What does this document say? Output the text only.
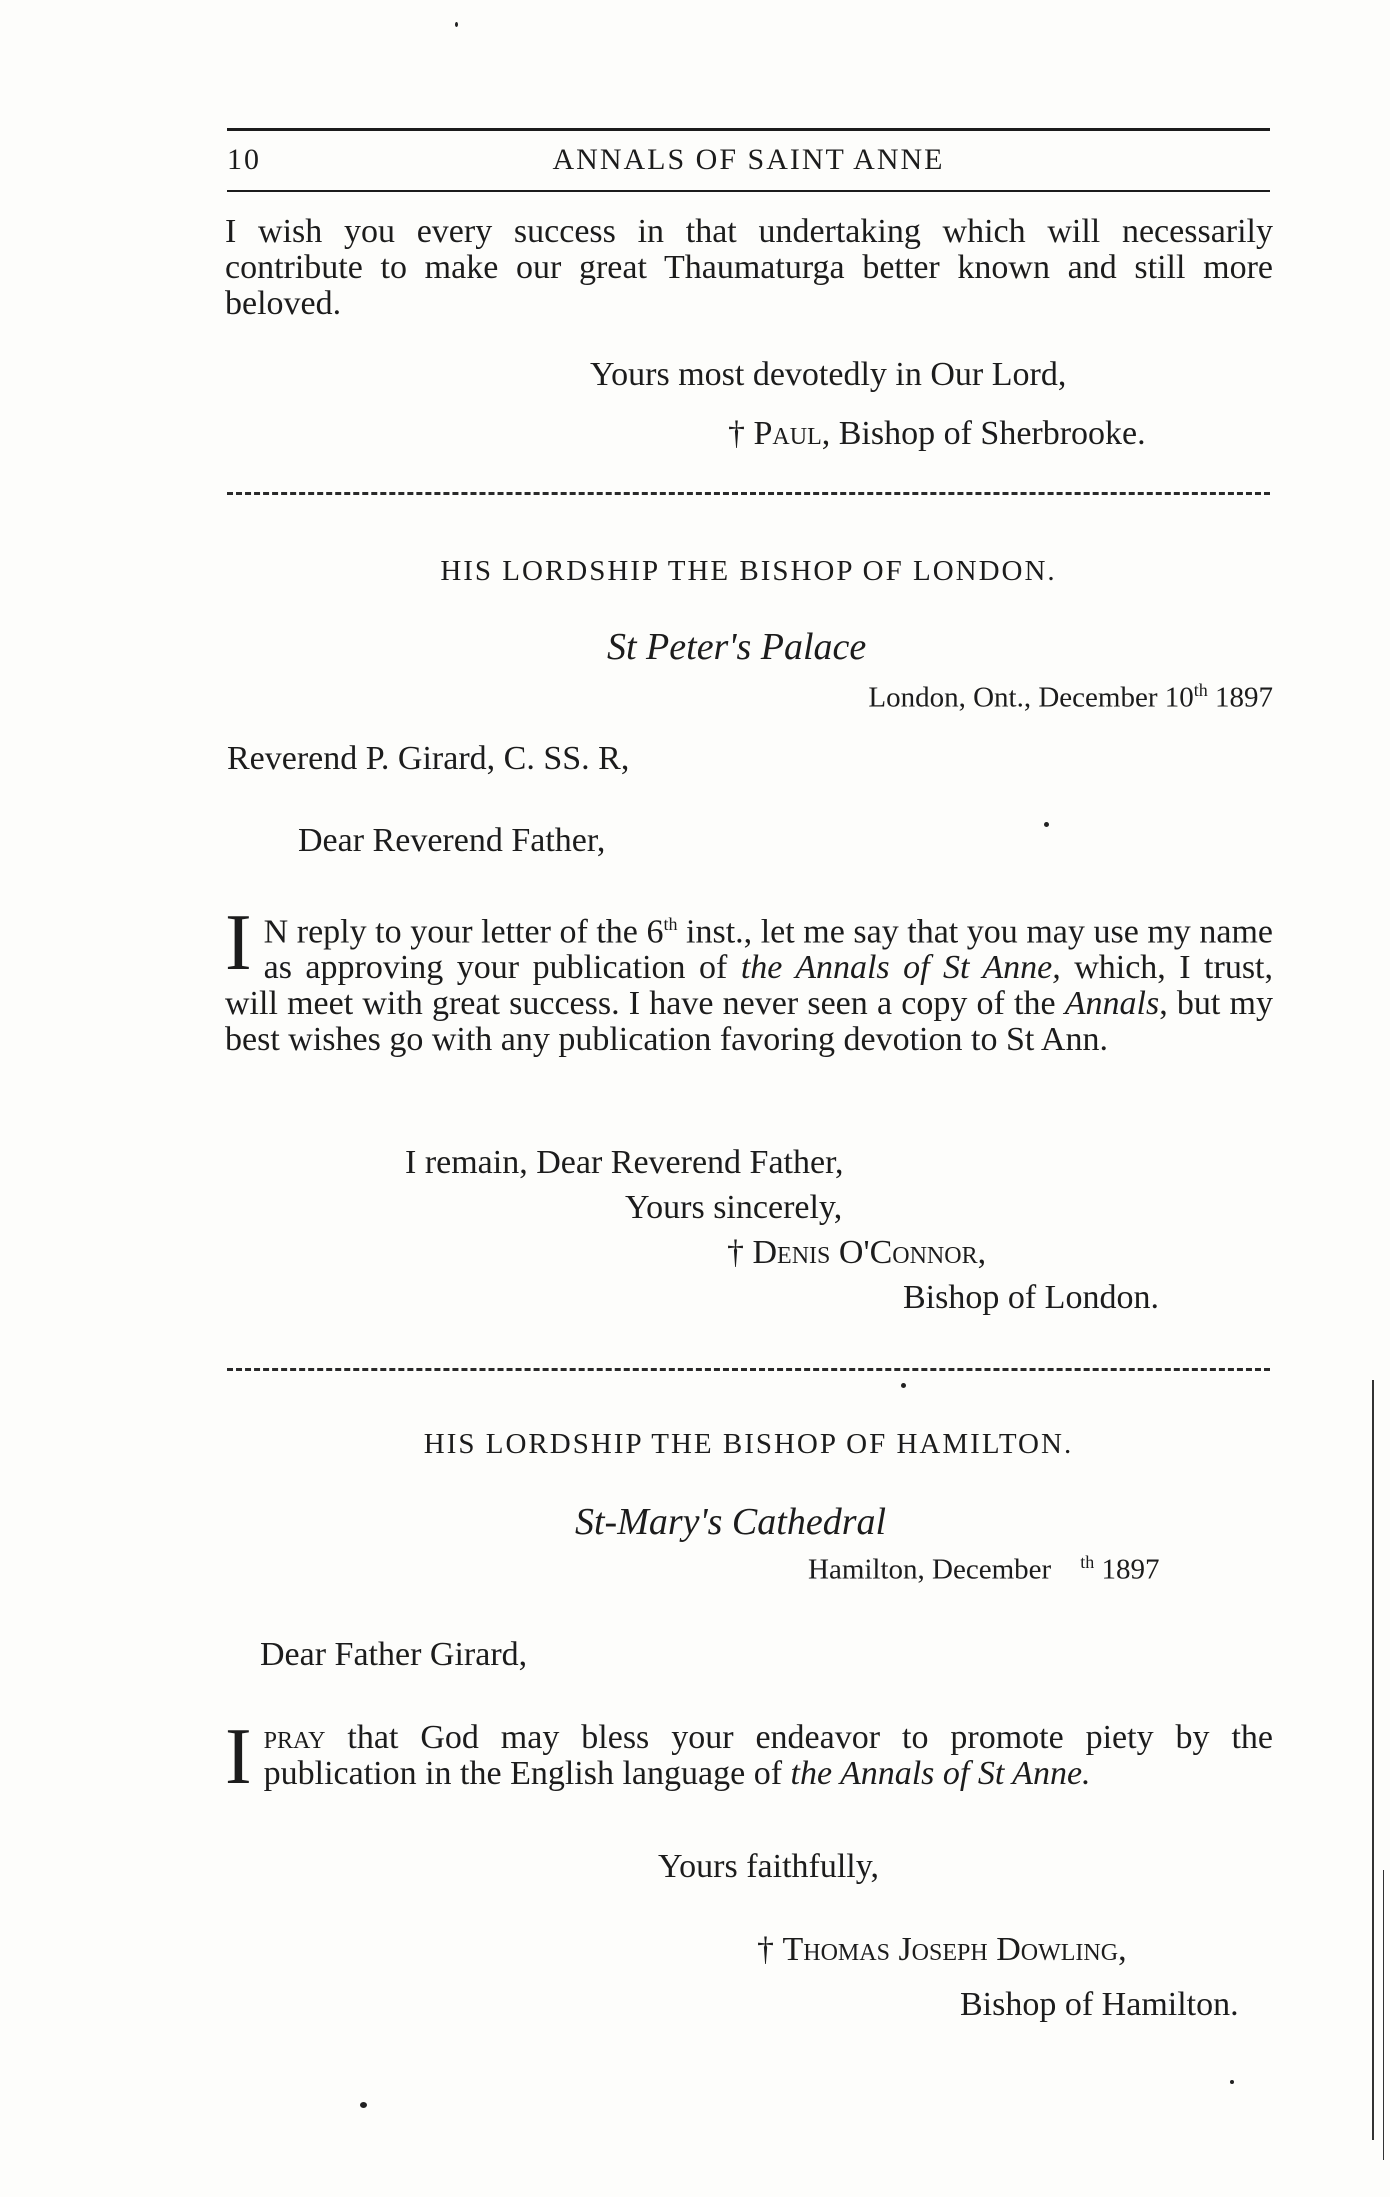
10	ANNALS OF SAINT ANNE
I wish you every success in that undertaking which will necessarily contribute to make our great Thaumaturga better known and still more beloved.
Yours most devotedly in Our Lord,
† Paul, Bishop of Sherbrooke.
HIS LORDSHIP THE BISHOP OF LONDON.
St Peter's Palace
London, Ont., December 10th 1897
Reverend P. Girard, C. SS. R,
Dear Reverend Father,
I N reply to your letter of the 6th inst., let me say that you may use my name as approving your publication of the Annals of St Anne, which, I trust, will meet with great success. I have never seen a copy of the Annals, but my best wishes go with any publication favoring devotion to St Ann.
I remain, Dear Reverend Father,
Yours sincerely,
† Denis O'Connor,
Bishop of London.
HIS LORDSHIP THE BISHOP OF HAMILTON.
St-Mary's Cathedral
Hamilton, December $^{th}$ 1897
Dear Father Girard,
Ipray that God may bless your endeavor to promote piety by the publication in the English language of the Annals of St Anne.
Yours faithfully,
† Thomas Joseph Dowling,
Bishop of Hamilton.
